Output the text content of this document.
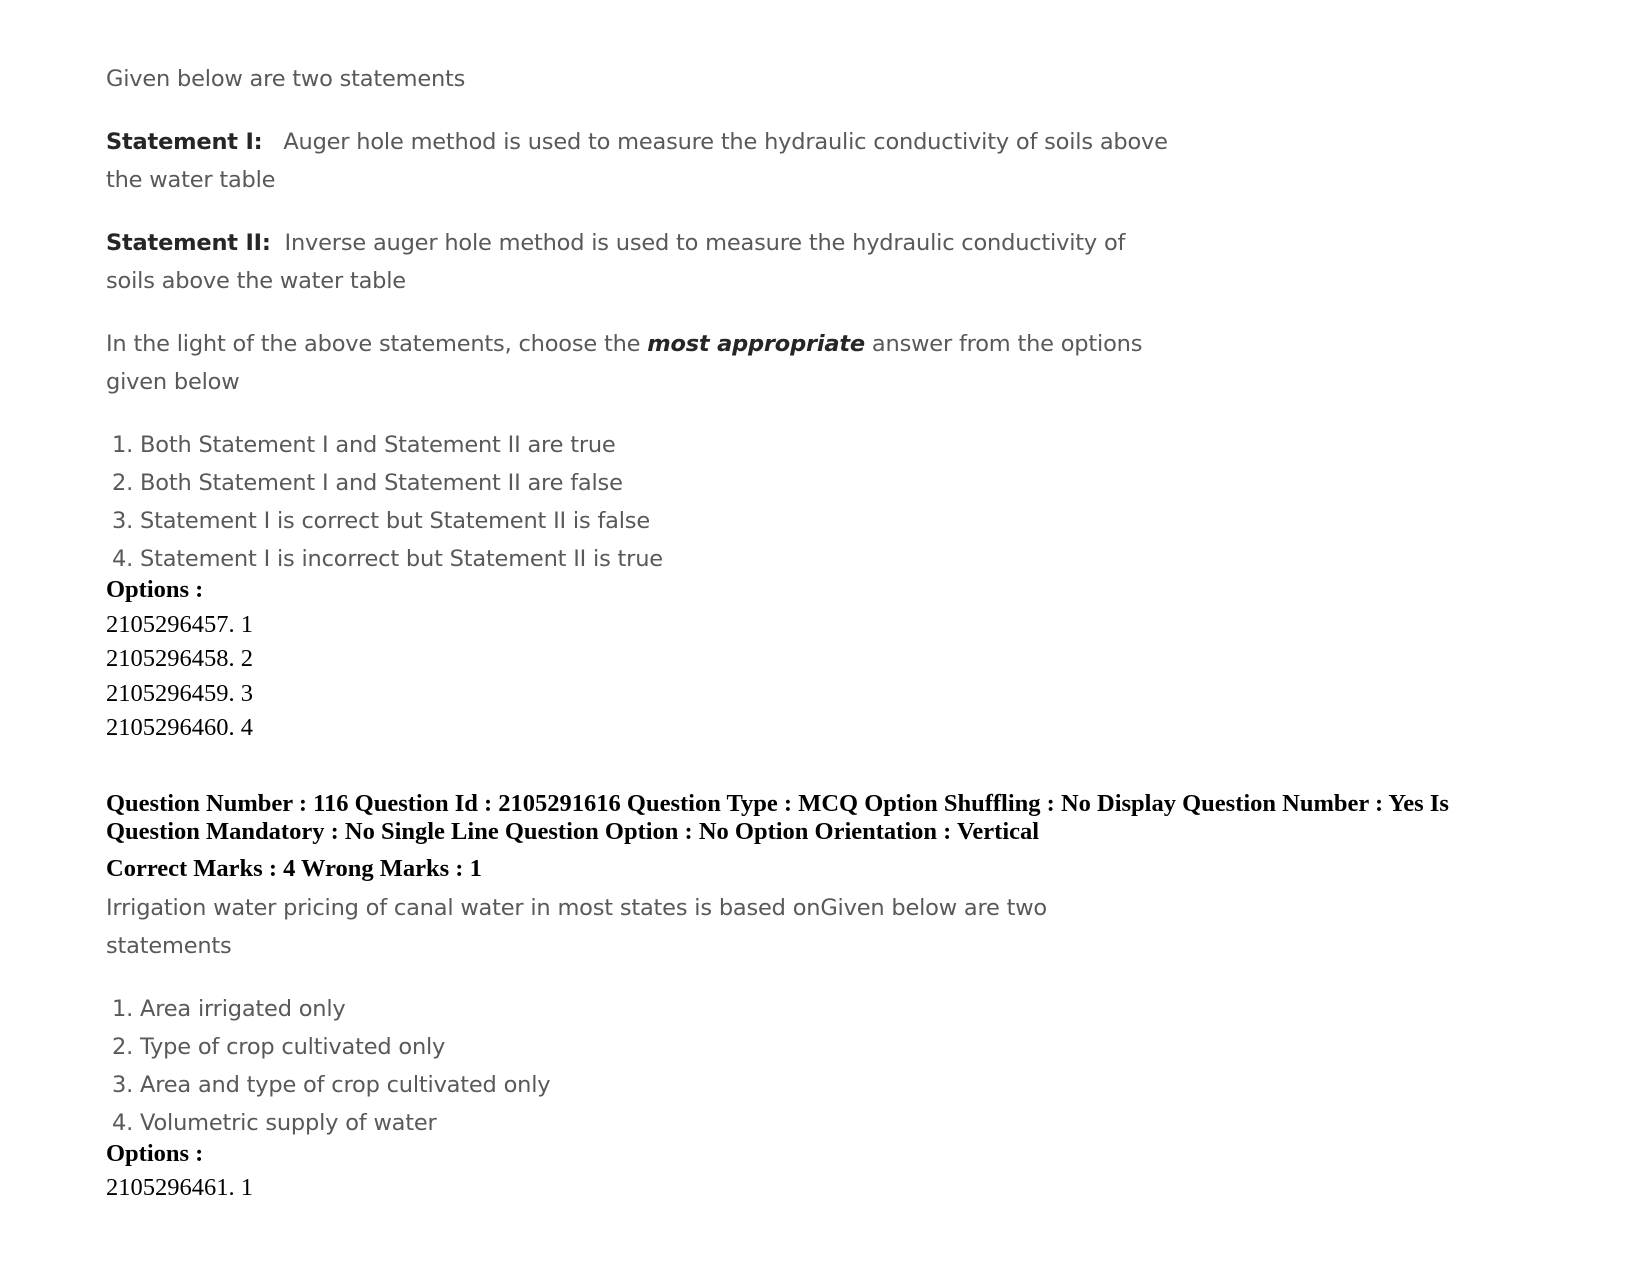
Given below are two statements
Statement I: Auger hole method is used to measure the hydraulic conductivity of soils above
the water table
Statement II: Inverse auger hole method is used to measure the hydraulic conductivity of
soils above the water table
In the light of the above statements, choose the most appropriate answer from the options
given below
1. Both Statement I and Statement II are true
2. Both Statement I and Statement II are false
3. Statement I is correct but Statement II is false
4. Statement I is incorrect but Statement II is true
Options :
2105296457. 1
2105296458. 2
2105296459. 3
2105296460. 4
Question Number : 116 Question Id : 2105291616 Question Type : MCQ Option Shuffling : No Display Question Number : Yes Is
Question Mandatory : No Single Line Question Option : No Option Orientation : Vertical
Correct Marks : 4 Wrong Marks : 1
Irrigation water pricing of canal water in most states is based onGiven below are two
statements
1. Area irrigated only
2. Type of crop cultivated only
3. Area and type of crop cultivated only
4. Volumetric supply of water
Options :
2105296461. 1
